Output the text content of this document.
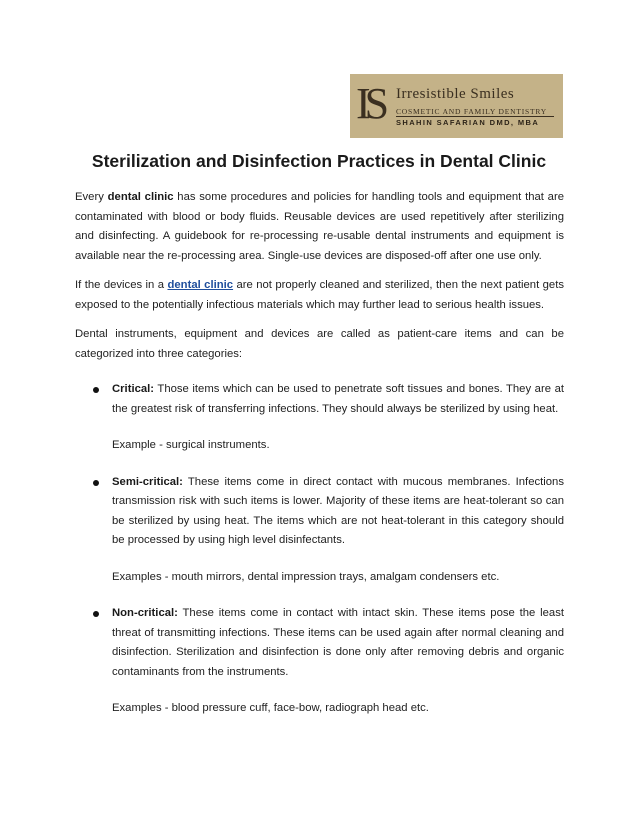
IS Irresistible Smiles
COSMETIC AND FAMILY DENTISTRY
SHAHIN SAFARIAN DMD, MBA
Sterilization and Disinfection Practices in Dental Clinic

Every dental clinic has some procedures and policies for handling tools and equipment that are contaminated with blood or body fluids. Reusable devices are used repetitively after sterilizing and disinfecting. A guidebook for re-processing re-usable dental instruments and equipment is available near the re-processing area. Single-use devices are disposed-off after one use only.

If the devices in a dental clinic are not properly cleaned and sterilized, then the next patient gets exposed to the potentially infectious materials which may further lead to serious health issues.

Dental instruments, equipment and devices are called as patient-care items and can be categorized into three categories:

Critical: Those items which can be used to penetrate soft tissues and bones. They are at the greatest risk of transferring infections. They should always be sterilized by using heat.

Example - surgical instruments.

Semi-critical: These items come in direct contact with mucous membranes. Infections transmission risk with such items is lower. Majority of these items are heat-tolerant so can be sterilized by using heat. The items which are not heat-tolerant in this category should be processed by using high level disinfectants.

Examples - mouth mirrors, dental impression trays, amalgam condensers etc.

Non-critical: These items come in contact with intact skin. These items pose the least threat of transmitting infections. These items can be used again after normal cleaning and disinfection. Sterilization and disinfection is done only after removing debris and organic contaminants from the instruments.

Examples - blood pressure cuff, face-bow, radiograph head etc.
